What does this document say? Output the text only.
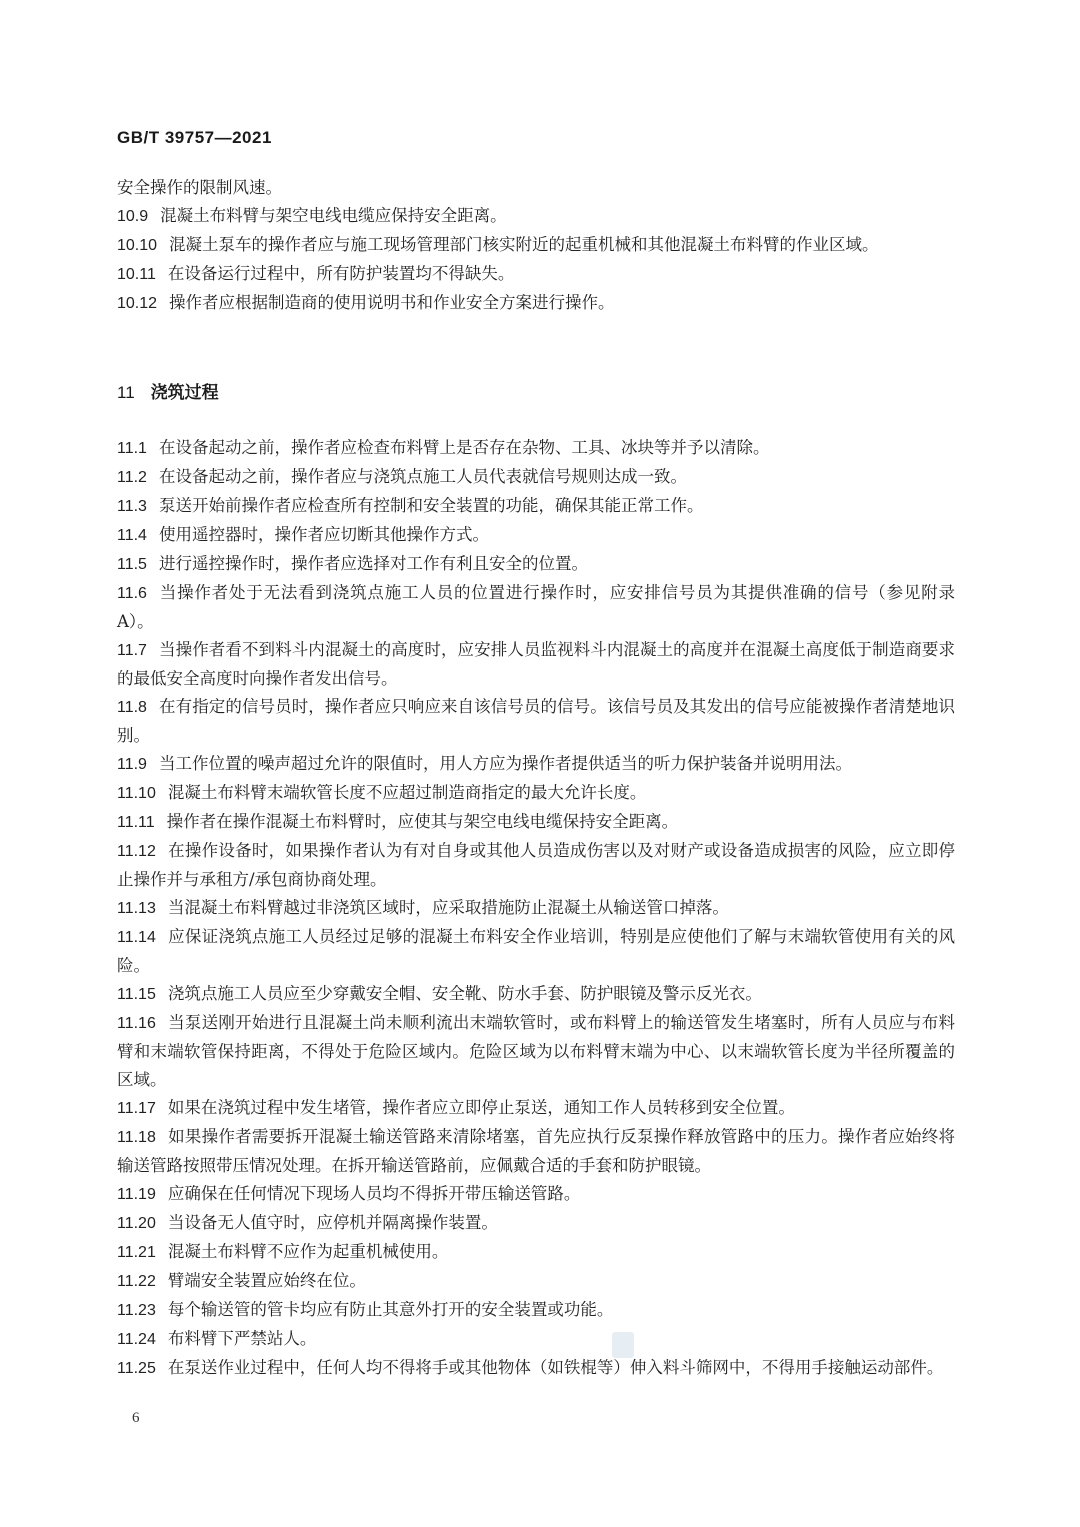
GB/T 39757—2021

安全操作的限制风速。

10.9 混凝土布料臂与架空电线电缆应保持安全距离。

10.10 混凝土泵车的操作者应与施工现场管理部门核实附近的起重机械和其他混凝土布料臂的作业区域。

10.11 在设备运行过程中，所有防护装置均不得缺失。

10.12 操作者应根据制造商的使用说明书和作业安全方案进行操作。

11 浇筑过程

11.1 在设备起动之前，操作者应检查布料臂上是否存在杂物、工具、冰块等并予以清除。

11.2 在设备起动之前，操作者应与浇筑点施工人员代表就信号规则达成一致。

11.3 泵送开始前操作者应检查所有控制和安全装置的功能，确保其能正常工作。

11.4 使用遥控器时，操作者应切断其他操作方式。

11.5 进行遥控操作时，操作者应选择对工作有利且安全的位置。

11.6 当操作者处于无法看到浇筑点施工人员的位置进行操作时，应安排信号员为其提供准确的信号（参见附录 A）。

11.7 当操作者看不到料斗内混凝土的高度时，应安排人员监视料斗内混凝土的高度并在混凝土高度低于制造商要求的最低安全高度时向操作者发出信号。

11.8 在有指定的信号员时，操作者应只响应来自该信号员的信号。该信号员及其发出的信号应能被操作者清楚地识别。

11.9 当工作位置的噪声超过允许的限值时，用人方应为操作者提供适当的听力保护装备并说明用法。

11.10 混凝土布料臂末端软管长度不应超过制造商指定的最大允许长度。

11.11 操作者在操作混凝土布料臂时，应使其与架空电线电缆保持安全距离。

11.12 在操作设备时，如果操作者认为有对自身或其他人员造成伤害以及对财产或设备造成损害的风险，应立即停止操作并与承租方/承包商协商处理。

11.13 当混凝土布料臂越过非浇筑区域时，应采取措施防止混凝土从输送管口掉落。

11.14 应保证浇筑点施工人员经过足够的混凝土布料安全作业培训，特别是应使他们了解与末端软管使用有关的风险。

11.15 浇筑点施工人员应至少穿戴安全帽、安全靴、防水手套、防护眼镜及警示反光衣。

11.16 当泵送刚开始进行且混凝土尚未顺利流出末端软管时，或布料臂上的输送管发生堵塞时，所有人员应与布料臂和末端软管保持距离，不得处于危险区域内。危险区域为以布料臂末端为中心、以末端软管长度为半径所覆盖的区域。

11.17 如果在浇筑过程中发生堵管，操作者应立即停止泵送，通知工作人员转移到安全位置。

11.18 如果操作者需要拆开混凝土输送管路来清除堵塞，首先应执行反泵操作释放管路中的压力。操作者应始终将输送管路按照带压情况处理。在拆开输送管路前，应佩戴合适的手套和防护眼镜。

11.19 应确保在任何情况下现场人员均不得拆开带压输送管路。

11.20 当设备无人值守时，应停机并隔离操作装置。

11.21 混凝土布料臂不应作为起重机械使用。

11.22 臂端安全装置应始终在位。

11.23 每个输送管的管卡均应有防止其意外打开的安全装置或功能。

11.24 布料臂下严禁站人。

11.25 在泵送作业过程中，任何人均不得将手或其他物体（如铁棍等）伸入料斗筛网中，不得用手接触运动部件。

6
